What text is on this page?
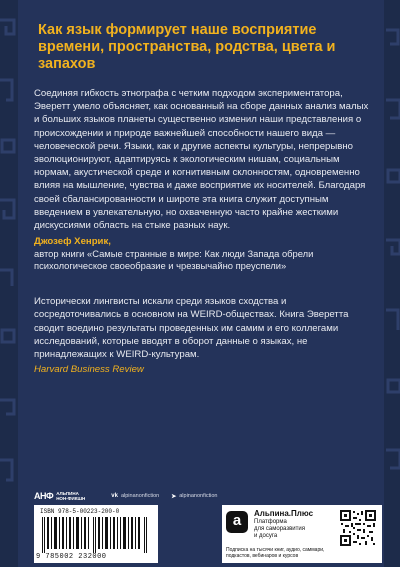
Как язык формирует наше восприятие времени, пространства, родства, цвета и запахов

Соединяя гибкость этнографа с четким подходом экспериментатора, Эверетт умело объясняет, как основанный на сборе данных анализ малых и больших языков планеты существенно изменил наши представления о происхождении и природе важнейшей способности нашего вида — человеческой речи. Языки, как и другие аспекты культуры, непрерывно эволюционируют, адаптируясь к экологическим нишам, социальным нормам, акустической среде и когнитивным склонностям, одновременно влияя на мышление, чувства и даже восприятие их носителей. Благодаря своей сбалансированности и широте эта книга служит доступным введением в увлекательную, но охваченную часто крайне жесткими дискуссиями область на стыке разных наук.

Джозеф Хенрик,
автор книги «Самые странные в мире: Как люди Запада обрели психологическое своеобразие и чрезвычайно преуспели»

Исторически лингвисты искали среди языков сходства и сосредоточивались в основном на WEIRD-обществах. Книга Эверетта сводит воедино результаты проведенных им самим и его коллегами исследований, которые вводят в оборот данные о языках, не принадлежащих к WEIRD-культурам.

Harvard Business Review
АНФ АЛЬПИНА
НОН-ФИКШН	vk alpinanonfiction ➤ alpinanonfiction
ISBN 978-5-00223-200-0
9 785002 232000
а	Альпина.Плюс
Платформа
для саморазвития
и досуга
Подписка на тысячи книг, аудио, саммари, подкастов, вебинаров и курсов
